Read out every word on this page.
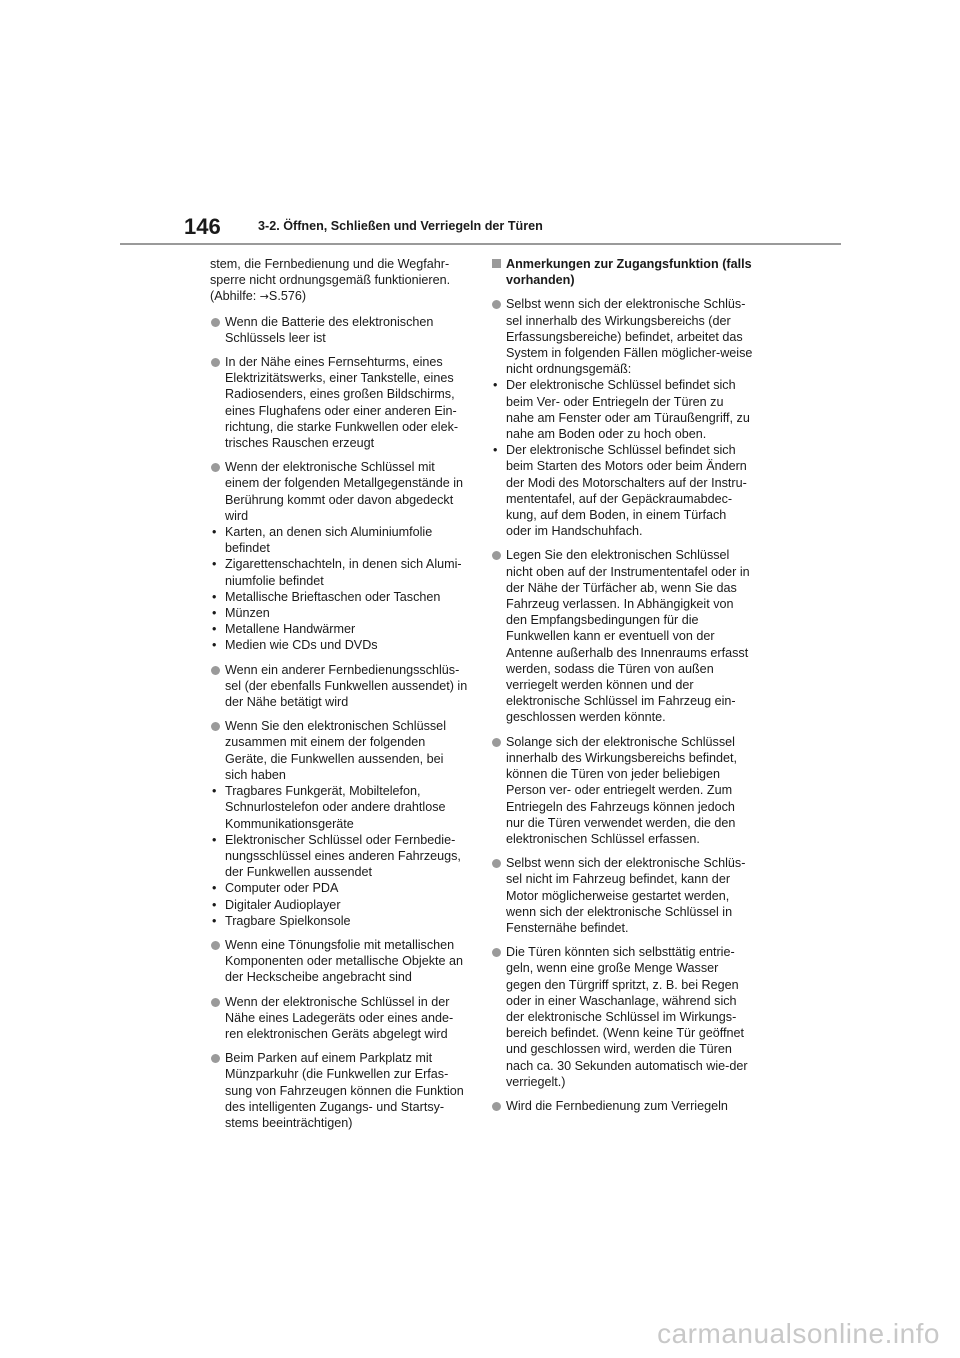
146	3-2. Öffnen, Schließen und Verriegeln der Türen

stem, die Fernbedienung und die Wegfahr-sperre nicht ordnungsgemäß funktionieren. (Abhilfe: →S.576)

Wenn die Batterie des elektronischen Schlüssels leer ist

In der Nähe eines Fernsehturms, eines Elektrizitätswerks, einer Tankstelle, eines Radiosenders, eines großen Bildschirms, eines Flughafens oder einer anderen Ein-richtung, die starke Funkwellen oder elek-trisches Rauschen erzeugt

Wenn der elektronische Schlüssel mit einem der folgenden Metallgegenstände in Berührung kommt oder davon abgedeckt wird

• Karten, an denen sich Aluminiumfolie befindet
• Zigarettenschachteln, in denen sich Alumi-niumfolie befindet
• Metallische Brieftaschen oder Taschen
• Münzen
• Metallene Handwärmer
• Medien wie CDs und DVDs

Wenn ein anderer Fernbedienungsschlüs-sel (der ebenfalls Funkwellen aussendet) in der Nähe betätigt wird

Wenn Sie den elektronischen Schlüssel zusammen mit einem der folgenden Geräte, die Funkwellen aussenden, bei sich haben

• Tragbares Funkgerät, Mobiltelefon, Schnurlostelefon oder andere drahtlose Kommunikationsgeräte
• Elektronischer Schlüssel oder Fernbedie-nungsschlüssel eines anderen Fahrzeugs, der Funkwellen aussendet
• Computer oder PDA
• Digitaler Audioplayer
• Tragbare Spielkonsole

Wenn eine Tönungsfolie mit metallischen Komponenten oder metallische Objekte an der Heckscheibe angebracht sind

Wenn der elektronische Schlüssel in der Nähe eines Ladegeräts oder eines ande-ren elektronischen Geräts abgelegt wird

Beim Parken auf einem Parkplatz mit Münzparkuhr (die Funkwellen zur Erfas-sung von Fahrzeugen können die Funktion des intelligenten Zugangs- und Startsy-stems beeinträchtigen)

Anmerkungen zur Zugangsfunktion (falls vorhanden)

Selbst wenn sich der elektronische Schlüs-sel innerhalb des Wirkungsbereichs (der Erfassungsbereiche) befindet, arbeitet das System in folgenden Fällen möglicher-weise nicht ordnungsgemäß:

• Der elektronische Schlüssel befindet sich beim Ver- oder Entriegeln der Türen zu nahe am Fenster oder am Türaußengriff, zu nahe am Boden oder zu hoch oben.
• Der elektronische Schlüssel befindet sich beim Starten des Motors oder beim Ändern der Modi des Motorschalters auf der Instru-mententafel, auf der Gepäckraumabdec-kung, auf dem Boden, in einem Türfach oder im Handschuhfach.

Legen Sie den elektronischen Schlüssel nicht oben auf der Instrumententafel oder in der Nähe der Türfächer ab, wenn Sie das Fahrzeug verlassen. In Abhängigkeit von den Empfangsbedingungen für die Funkwellen kann er eventuell von der Antenne außerhalb des Innenraums erfasst werden, sodass die Türen von außen verriegelt werden können und der elektronische Schlüssel im Fahrzeug ein-geschlossen werden könnte.

Solange sich der elektronische Schlüssel innerhalb des Wirkungsbereichs befindet, können die Türen von jeder beliebigen Person ver- oder entriegelt werden. Zum Entriegeln des Fahrzeugs können jedoch nur die Türen verwendet werden, die den elektronischen Schlüssel erfassen.

Selbst wenn sich der elektronische Schlüs-sel nicht im Fahrzeug befindet, kann der Motor möglicherweise gestartet werden, wenn sich der elektronische Schlüssel in Fensternähe befindet.

Die Türen könnten sich selbsttätig entrie-geln, wenn eine große Menge Wasser gegen den Türgriff spritzt, z. B. bei Regen oder in einer Waschanlage, während sich der elektronische Schlüssel im Wirkungs-bereich befindet. (Wenn keine Tür geöffnet und geschlossen wird, werden die Türen nach ca. 30 Sekunden automatisch wie-der verriegelt.)

Wird die Fernbedienung zum Verriegeln

carmanualsonline.info
